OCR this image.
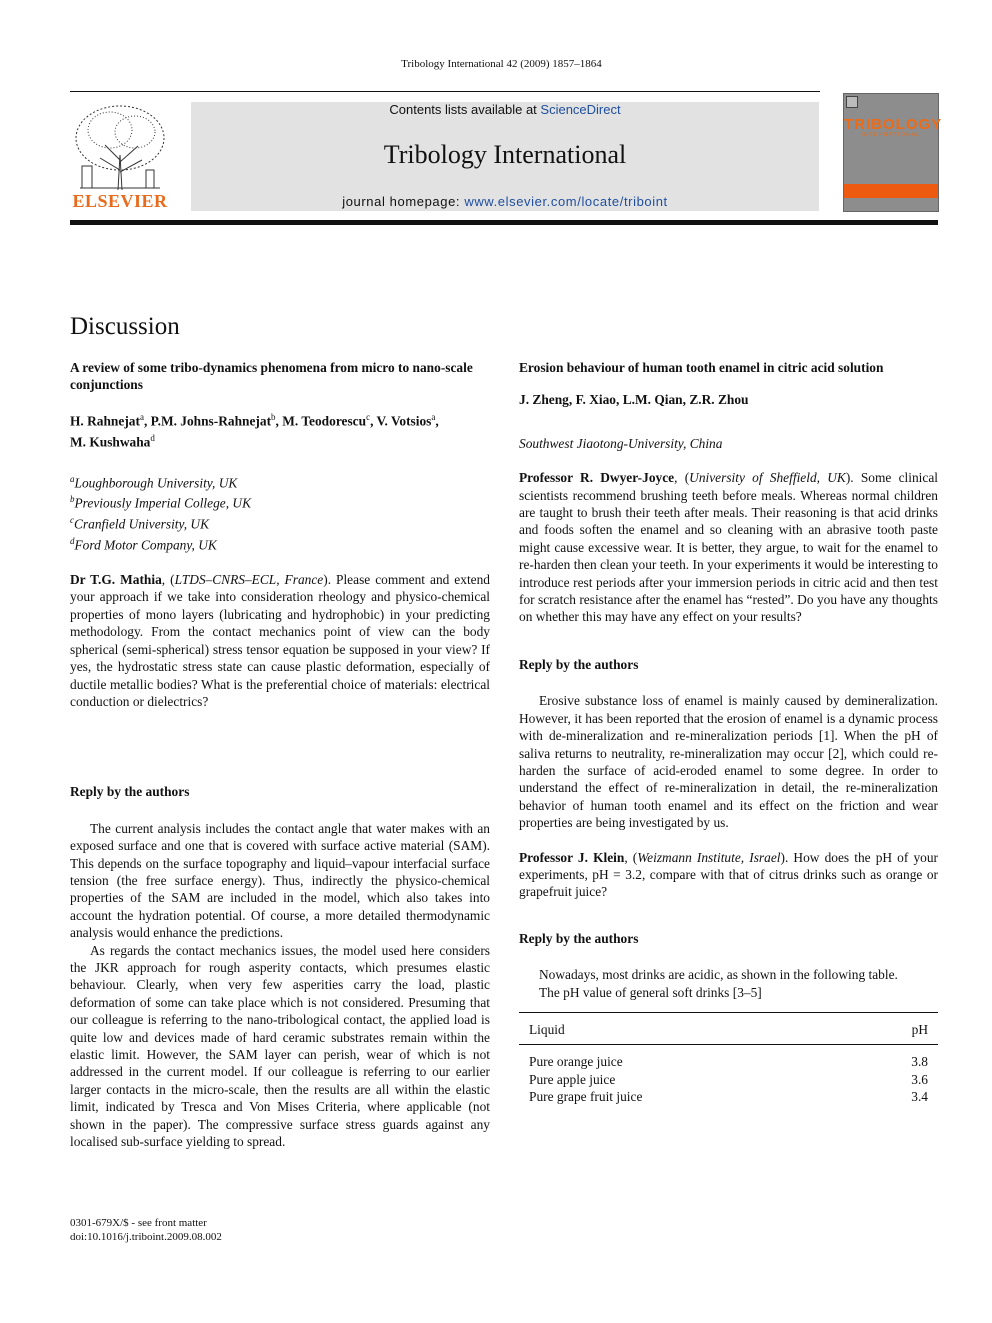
Tribology International 42 (2009) 1857–1864
ELSEVIER
Contents lists available at ScienceDirect
Tribology International
journal homepage: www.elsevier.com/locate/triboint
TRIBOLOGY
INTERNATIONAL
Discussion
A review of some tribo-dynamics phenomena from micro to nano-scale conjunctions
H. Rahnejat$^a$, P.M. Johns-Rahnejat$^b$, M. Teodorescu$^c$, V. Votsios$^a$,
M. Kushwaha$^d$
$^a$Loughborough University, UK
$^b$Previously Imperial College, UK
$^c$Cranfield University, UK
$^d$Ford Motor Company, UK

Dr T.G. Mathia, (LTDS–CNRS–ECL, France). Please comment and extend your approach if we take into consideration rheology and physico-chemical properties of mono layers (lubricating and hydrophobic) in your predicting methodology. From the contact mechanics point of view can the body spherical (semi-spherical) stress tensor equation be supposed in your view? If yes, the hydrostatic stress state can cause plastic deformation, especially of ductile metallic bodies? What is the preferential choice of materials: electrical conduction or dielectrics?

Reply by the authors

The current analysis includes the contact angle that water makes with an exposed surface and one that is covered with surface active material (SAM). This depends on the surface topography and liquid–vapour interfacial surface tension (the free surface energy). Thus, indirectly the physico-chemical properties of the SAM are included in the model, which also takes into account the hydration potential. Of course, a more detailed thermodynamic analysis would enhance the predictions.

As regards the contact mechanics issues, the model used here considers the JKR approach for rough asperity contacts, which presumes elastic behaviour. Clearly, when very few asperities carry the load, plastic deformation of some can take place which is not considered. Presuming that our colleague is referring to the nano-tribological contact, the applied load is quite low and devices made of hard ceramic substrates remain within the elastic limit. However, the SAM layer can perish, wear of which is not addressed in the current model. If our colleague is referring to our earlier larger contacts in the micro-scale, then the results are all within the elastic limit, indicated by Tresca and Von Mises Criteria, where applicable (not shown in the paper). The compressive surface stress guards against any localised sub-surface yielding to spread.

Erosion behaviour of human tooth enamel in citric acid solution
J. Zheng, F. Xiao, L.M. Qian, Z.R. Zhou
Southwest Jiaotong-University, China

Professor R. Dwyer-Joyce, (University of Sheffield, UK). Some clinical scientists recommend brushing teeth before meals. Whereas normal children are taught to brush their teeth after meals. Their reasoning is that acid drinks and foods soften the enamel and so cleaning with an abrasive tooth paste might cause excessive wear. It is better, they argue, to wait for the enamel to re-harden then clean your teeth. In your experiments it would be interesting to introduce rest periods after your immersion periods in citric acid and then test for scratch resistance after the enamel has “rested”. Do you have any thoughts on whether this may have any effect on your results?

Reply by the authors

Erosive substance loss of enamel is mainly caused by demineralization. However, it has been reported that the erosion of enamel is a dynamic process with de-mineralization and re-mineralization periods [1]. When the pH of saliva returns to neutrality, re-mineralization may occur [2], which could re-harden the surface of acid-eroded enamel to some degree. In order to understand the effect of re-mineralization in detail, the re-mineralization behavior of human tooth enamel and its effect on the friction and wear properties are being investigated by us.

Professor J. Klein, (Weizmann Institute, Israel). How does the pH of your experiments, pH = 3.2, compare with that of citrus drinks such as orange or grapefruit juice?

Reply by the authors

Nowadays, most drinks are acidic, as shown in the following table.

The pH value of general soft drinks [3–5]

Liquid	pH
Pure orange juice	3.8
Pure apple juice	3.6
Pure grape fruit juice	3.4
0301-679X/$ - see front matter
doi:10.1016/j.triboint.2009.08.002
